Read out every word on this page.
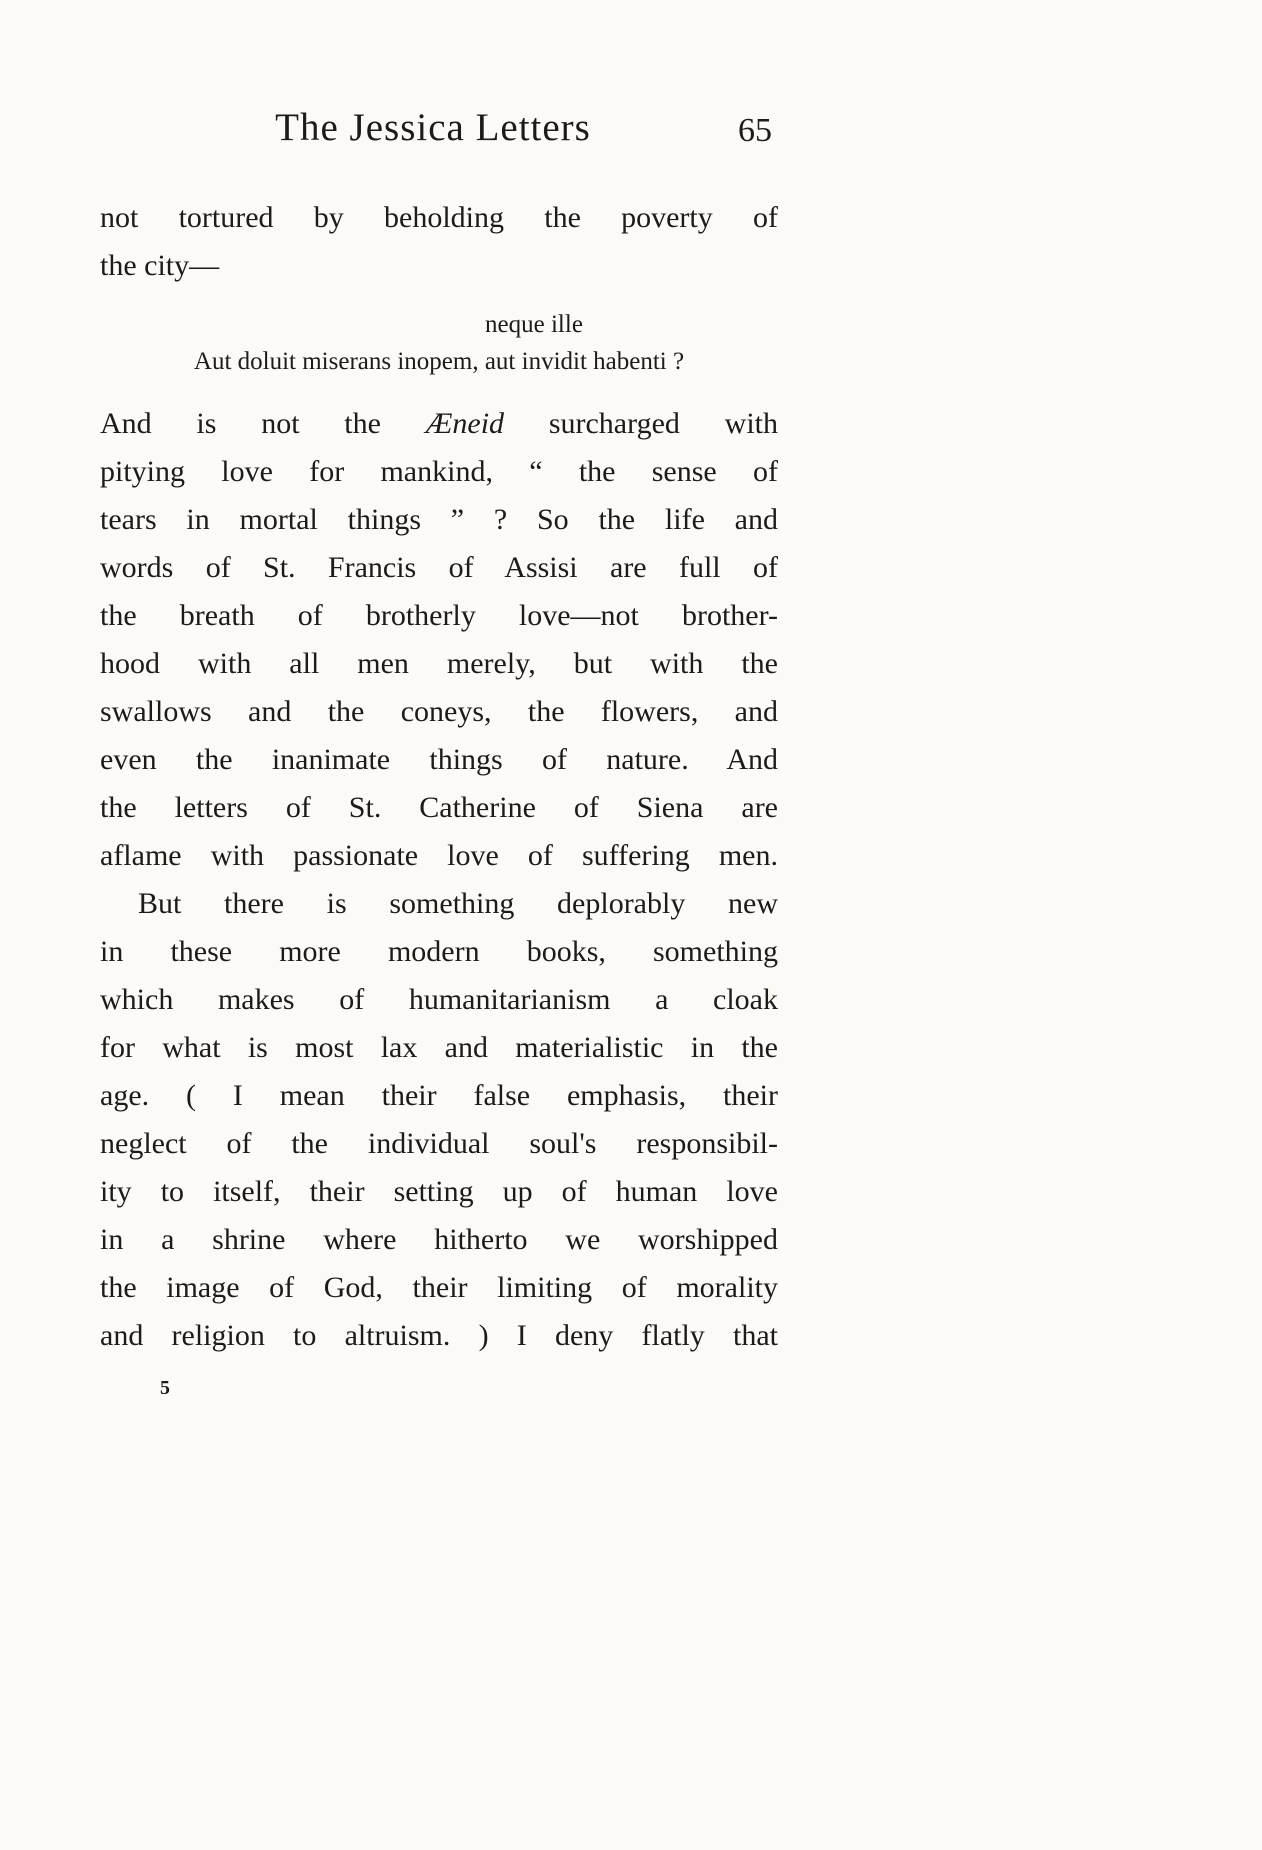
The Jessica Letters	65
not tortured by beholding the poverty of
the city—
neque ille
Aut doluit miserans inopem, aut invidit habenti ?
And is not the Æneid surcharged with
pitying love for mankind, “ the sense of
tears in mortal things ” ? So the life and
words of St. Francis of Assisi are full of
the breath of brotherly love—not brother-
hood with all men merely, but with the
swallows and the coneys, the flowers, and
even the inanimate things of nature. And
the letters of St. Catherine of Siena are
aflame with passionate love of suffering men.
But there is something deplorably new
in these more modern books, something
which makes of humanitarianism a cloak
for what is most lax and materialistic in the
age. ( I mean their false emphasis, their
neglect of the individual soul's responsibil-
ity to itself, their setting up of human love
in a shrine where hitherto we worshipped
the image of God, their limiting of morality
and religion to altruism. ) I deny flatly that
5
